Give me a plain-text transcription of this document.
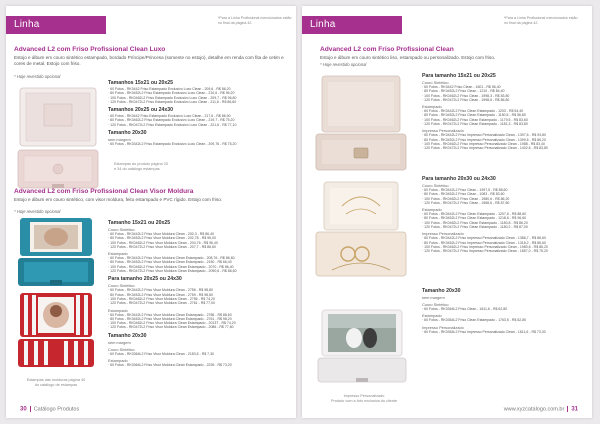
Linha PROFISSIONAL
*Para a Linha Profissional mencionados estão no final da página 42.
Advanced L2 com Friso Profissional Clean Luxo
Estojo e álbum em couro sintético estampado, bordado Príncipe/Princesa (somente no estojo), detalhe em renda com fita de cetim e cores de metal. Estojo com friso.
* Hoje revestido opcional
Tamanhos 15x21 ou 20x25
· 60 Fotos - RK0442 Friso Estampado Exclusivo Luxo Clean - 209,6 - R$ 86,20
· 80 Fotos - RK0452L2 Friso Estampado Exclusivo Luxo Clean - 210,6 - R$ 96,20
· 100 Fotos - RK0462L2 Friso Estampado Exclusivo Luxo Clean - 209,7 - R$ 96,80
· 120 Fotos - RK0472L2 Friso Estampado Exclusivo Luxo Clean - 211,6 - R$ 86,60
Tamanhos 20x25 ou 24x30
· 60 Fotos - RK0442 Friso Estampado Exclusivo Luxo Clean - 217,6 - R$ 86,90
· 80 Fotos - RK0462L2 Friso Estampado Exclusivo Luxo Clean - 219,7 - R$ 75,20
· 120 Fotos - RK0472L2 Friso Estampado Exclusivo Luxo Clean - 221,6 - R$ 77,10
Tamanho 20x30
sem margem
· 60 Fotos - RK0342L2 Friso Estampado Exclusivo Luxo Clean - 209,76 - R$ 75,20
Estampas do produto página 33 e 34 do catálogo estampas
Advanced L2 com Friso Profissional Clean Visor Moldura
Estojo e álbum em couro sintético, com visor moldura, feito estampado e PVC rígido. Estojo com friso.
* Hoje revestido opcional
Estampas das molduras página 40 do catálogo de estampas
Tamanho 15x21 ou 20x25
Couro Sintético
· 60 Fotos - RK0442L2 Friso Visor Moldura Clean - 200,3 - R$ 86,40
· 80 Fotos - RK0452L2 Friso Visor Moldura Clean - 202,78 - R$ 96,00
· 100 Fotos - RK0462L2 Friso Visor Moldura Clean - 204,76 - R$ 96,40
· 120 Fotos - RK0472L2 Friso Visor Moldura Clean - 207,7 - R$ 86,60
Estampado
· 60 Fotos - RK0442L2 Friso Visor Moldura Clean Estampado - 208,76 - R$ 86,60
· 80 Fotos - RK0452L2 Friso Visor Moldura Clean Estampado - 2150 - R$ 66,40
· 100 Fotos - RK0462L2 Friso Visor Moldura Clean Estampado - 2070 - R$ 86,40
· 120 Fotos - RK0472L2 Friso Visor Moldura Clean Estampado - 2090,6 - R$ 86,60
Para tamanho 20x25 ou 24x30
Couro Sintético
· 60 Fotos - RK0442L2 Friso Visor Moldura Clean - 2756 - R$ 98,80
· 80 Fotos - RK0452L2 Friso Visor Moldura Clean - 2759 - R$ 98,60
· 100 Fotos - RK0462L2 Friso Visor Moldura Clean - 2756 - R$ 74,20
· 120 Fotos - RK0472L2 Friso Visor Moldura Clean - 2761 - R$ 77,00
Estampado
· 60 Fotos - RK0442L2 Friso Visor Moldura Clean Estampado - 2786 - R$ 88,60
· 80 Fotos - RK0452L2 Friso Visor Moldura Clean Estampado - 2761 - R$ 98,20
· 100 Fotos - RK0462L2 Friso Visor Moldura Clean Estampado - 2013T - R$ 74,20
· 120 Fotos - RK0472L2 Friso Visor Moldura Clean Estampado - 2086 - R$ 77,60
Tamanho 20x30
sem margem
Couro Sintético
· 60 Fotos - RK0364L2 Friso Visor Moldura Clean - 2183,5 - R$ 7,30
Estampado
· 60 Fotos - RK0364L2 Friso Visor Moldura Clean Estampado - 2239 - R$ 73,20
30 Catálogo Produtos
Linha PROFISSIONAL
*Para a Linha Profissional mencionados estão no final da página 42.
Advanced L2 com Friso Profissional Clean
Estojo e álbum em couro sintético liso, estampado ou personalizado. Estojo com friso.
* Hoje revestido opcional
Impresso Personalizado
Produto com a foto exclusiva do cliente
Para tamanho 15x21 ou 20x25
Couro Sintético
· 60 Fotos - RK0442 Friso Clean - 1601 - R$ 56,40
· 80 Fotos - RK0452L2 Friso Clean - 1210 - R$ 84,40
· 100 Fotos - RK0462L2 Friso Clean - 1998,3 - R$ 83,80
· 120 Fotos - RK0472L2 Friso Clean - 1998,6 - R$ 86,80
Estampado
· 60 Fotos - RK0442L2 Friso Clean Estampado - 1203 - R$ 54,40
· 80 Fotos - RK0452L2 Friso Clean Estampado - 1150,5 - R$ 56,80
· 100 Fotos - RK0462L2 Friso Clean Estampado - 1179,5 - R$ 83,60
· 120 Fotos - RK0472L2 Friso Clean Estampado - 1181,3 - R$ 83,80
Impresso Personalizado
· 60 Fotos - RK0442L2 Friso Impresso Personalizado Clean - 1397,6 - R$ 93,80
· 80 Fotos - RK0452L2 Friso Impresso Personalizado Clean - 1399,5 - R$ 86,20
· 100 Fotos - RK0462L2 Friso Impresso Personalizado Clean - 1988 - R$ 83,40
· 120 Fotos - RK0472L2 Friso Impresso Personalizado Clean - 1402,6 - R$ 83,80
Para tamanho 20x30 ou 24x30
Couro Sintético
· 60 Fotos - RK0442L2 Friso Clean - 1997,5 - R$ 88,60
· 80 Fotos - RK0452L2 Friso Clean - 1083 - R$ 83,60
· 100 Fotos - RK0462L2 Friso Clean - 1980,6 - R$ 86,20
· 120 Fotos - RK0472L2 Friso Clean - 1968,6 - R$ 87,80
Estampado
· 60 Fotos - RK0442L2 Friso Clean Estampado - 1207,6 - R$ 88,60
· 80 Fotos - RK0452L2 Friso Clean Estampado - 1218,6 - R$ 96,60
· 100 Fotos - RK0462L2 Friso Clean Estampado - 1180,8 - R$ 86,20
· 120 Fotos - RK0472L2 Friso Clean Estampado - 1180,2 - R$ 87,00
Impresso Personalizado
· 60 Fotos - RK0442L2 Friso Impresso Personalizado Clean - 1386,7 - R$ 86,60
· 80 Fotos - RK0452L2 Friso Impresso Personalizado Clean - 1318,2 - R$ 86,60
· 100 Fotos - RK0462L2 Friso Impresso Personalizado Clean - 1980,6 - R$ 86,20
· 120 Fotos - RK0472L2 Friso Impresso Personalizado Clean - 1857,0 - R$ 75,20
Tamanho 20x30
sem margem
Couro Sintético
· 60 Fotos - RK0364L2 Friso Clean - 1611,6 - R$ 62,80
Estampado
· 60 Fotos - RK0364L2 Friso Clean Estampado - 1763,5 - R$ 62,80
Impresso Personalizado
· 60 Fotos - RK0364L2 Friso Impresso Personalizado Clean - 1611,6 - R$ 73,30
www.xyzcatalogo.com.br 31
